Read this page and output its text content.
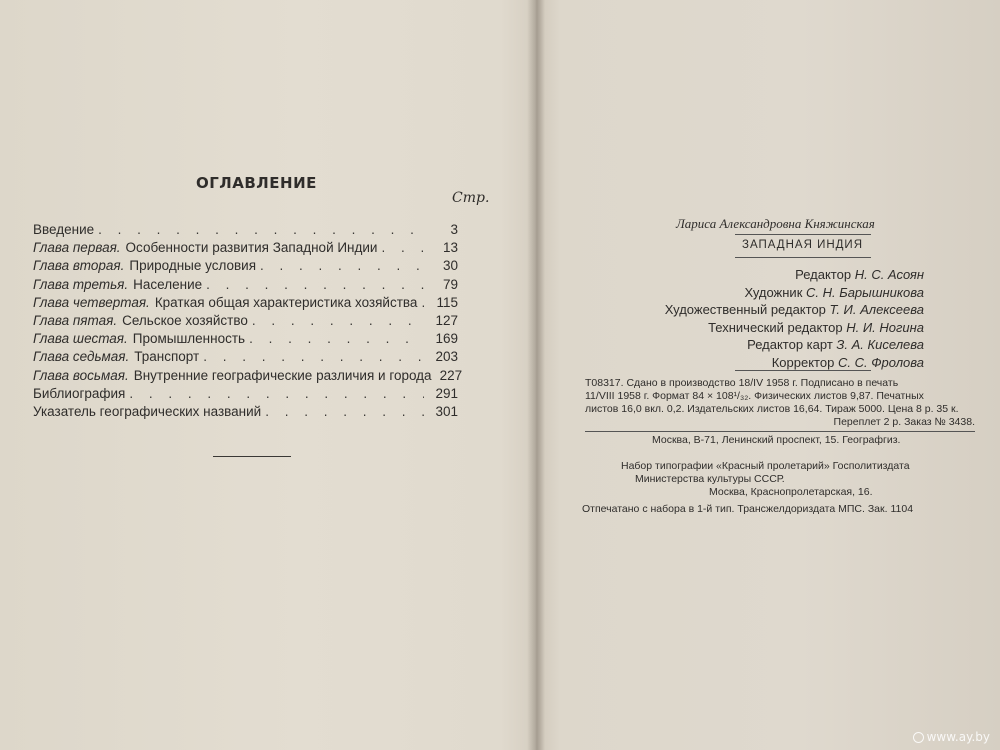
ОГЛАВЛЕНИЕ
Стр.
Введение . . .	3
Глава первая. Особенности развития Западной Индии . . .	13
Глава вторая. Природные условия . . .	30
Глава третья. Население . . .	79
Глава четвертая. Краткая общая характеристика хозяйства . . .	115
Глава пятая. Сельское хозяйство . . .	127
Глава шестая. Промышленность . . .	169
Глава седьмая. Транспорт . . .	203
Глава восьмая. Внутренние географические различия и города 227
Библиография . . .	291
Указатель географических названий . . .	301
Лариса Александровна Княжинская
ЗАПАДНАЯ ИНДИЯ
Редактор Н. С. Асоян
Художник С. Н. Барышникова
Художественный редактор Т. И. Алексеева
Технический редактор Н. И. Ногина
Редактор карт З. А. Киселева
Корректор С. С. Фролова
Т08317. Сдано в производство 18/IV 1958 г. Подписано в печать
11/VIII 1958 г. Формат 84 × 108¹/₃₂. Физических листов 9,87. Печатных
листов 16,0 вкл. 0,2. Издательских листов 16,64. Тираж 5000. Цена 8 р. 35 к.
Переплет 2 р. Заказ № 3438.
Москва, В-71, Ленинский проспект, 15. Географгиз.
Набор типографии «Красный пролетарий» Госполитиздата
Министерства культуры СССР.
Москва, Краснопролетарская, 16.
Отпечатано с набора в 1-й тип. Трансжелдориздата МПС. Зак. 1104
www.ay.by
